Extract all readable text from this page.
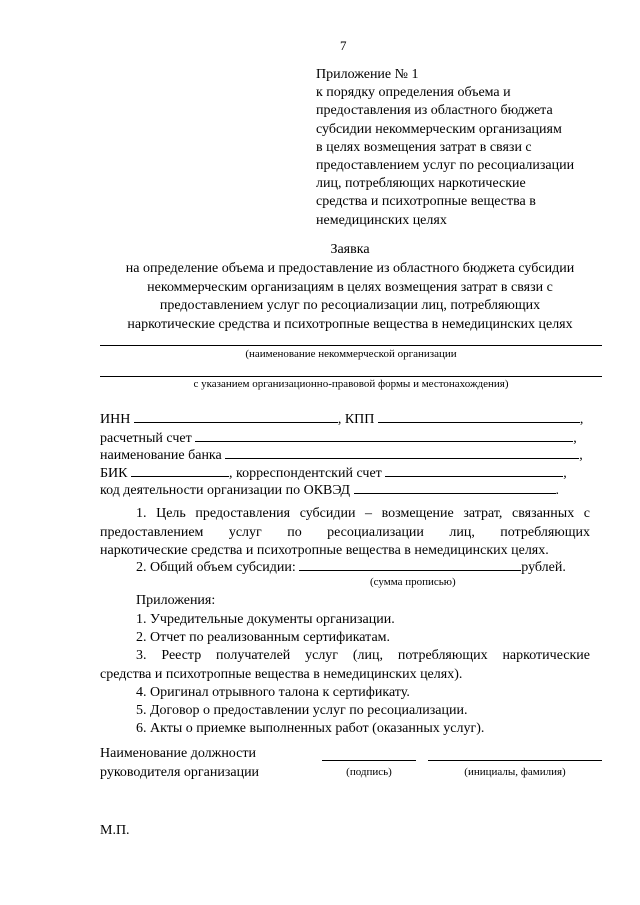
7
Приложение № 1
к порядку определения объема и
предоставления из областного бюджета
субсидии некоммерческим организациям
в целях возмещения затрат в связи с
предоставлением услуг по ресоциализации
лиц, потребляющих наркотические
средства и психотропные вещества в
немедицинских целях
Заявка
на определение объема и предоставление из областного бюджета субсидии
некоммерческим организациям в целях возмещения затрат в связи с
предоставлением услуг по ресоциализации лиц, потребляющих
наркотические средства и психотропные вещества в немедицинских целях
(наименование некоммерческой организации
с указанием организационно-правовой формы и местонахождения)
ИНН	, КПП	,
расчетный счет	,
наименование банка	,
БИК	, корреспондентский счет	,
код деятельности организации по ОКВЭД	.
1. Цель предоставления субсидии – возмещение затрат, связанных с
предоставлением услуг по ресоциализации лиц, потребляющих
наркотические средства и психотропные вещества в немедицинских целях.
2. Общий объем субсидии:	рублей.
(сумма прописью)
Приложения:
1. Учредительные документы организации.
2. Отчет по реализованным сертификатам.
3. Реестр получателей услуг (лиц, потребляющих наркотические
средства и психотропные вещества в немедицинских целях).
4. Оригинал отрывного талона к сертификату.
5. Договор о предоставлении услуг по ресоциализации.
6. Акты о приемке выполненных работ (оказанных услуг).
Наименование должности
руководителя организации	(подпись)	(инициалы, фамилия)
М.П.
